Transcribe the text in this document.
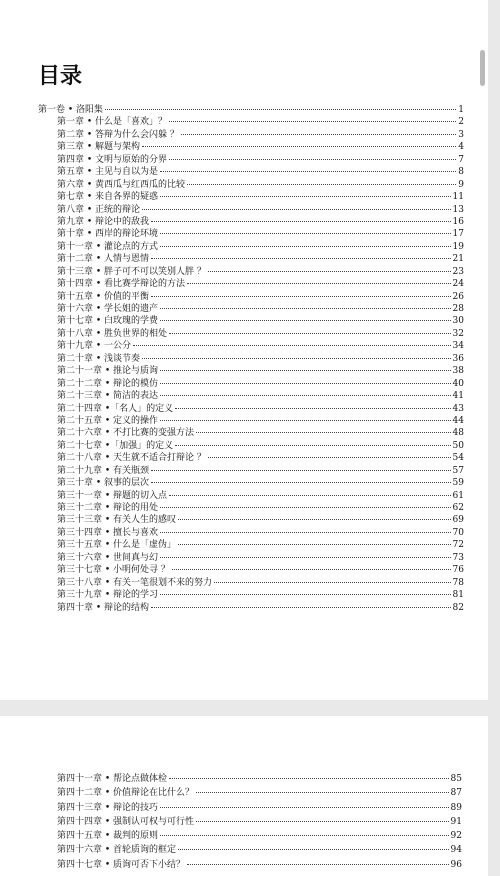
目录
第一卷 • 洛阳集	1
第一章 • 什么是「喜欢」？	2
第二章 • 答辩为什么会闪躲 ？	3
第三章 • 解题与架构	4
第四章 • 文明与原始的分界	7
第五章 • 主见与自以为是	8
第六章 • 黄西瓜与红西瓜的比较	9
第七章 • 来自各界的疑惑	11
第八章 • 正统的辩论	13
第九章 • 辩论中的敌我	16
第十章 • 西岸的辩论环境	17
第十一章 • 灌论点的方式	19
第十二章 • 人情与恩情	21
第十三章 • 胖子可不可以笑别人胖 ？	23
第十四章 • 看比赛学辩论的方法	24
第十五章 • 价值的平衡	26
第十六章 • 学长姐的遗产	28
第十七章 • 白玫瑰的学费	30
第十八章 • 胜负世界的相处	32
第十九章 • 一公分	34
第二十章 • 浅谈节奏	36
第二十一章 • 推论与质询	38
第二十二章 • 辩论的模仿	40
第二十三章 • 简洁的表达	41
第二十四章 •「名人」的定义	43
第二十五章 • 定义的操作	44
第二十六章 • 不打比赛的变强方法	48
第二十七章 •「加强」的定义	50
第二十八章 • 天生就不适合打辩论 ？	54
第二十九章 • 有关瓶颈	57
第三十章 • 叙事的层次	59
第三十一章 • 辩题的切入点	61
第三十二章 • 辩论的用处	62
第三十三章 • 有关人生的感叹	69
第三十四章 • 擅长与喜欢	70
第三十五章 • 什么是「虚伪」	72
第三十六章 • 世间真与幻	73
第三十七章 • 小明何处寻 ？	76
第三十八章 • 有关一笔很划不来的努力	78
第三十九章 • 辩论的学习	81
第四十章 • 辩论的结构	82
第四十一章 • 帮论点做体检	85
第四十二章 • 价值辩论在比什么？	87
第四十三章 • 辩论的技巧	89
第四十四章 • 强制认可权与可行性	91
第四十五章 • 裁判的原则	92
第四十六章 • 首轮质询的框定	94
第四十七章 • 质询可否下小结？	96
